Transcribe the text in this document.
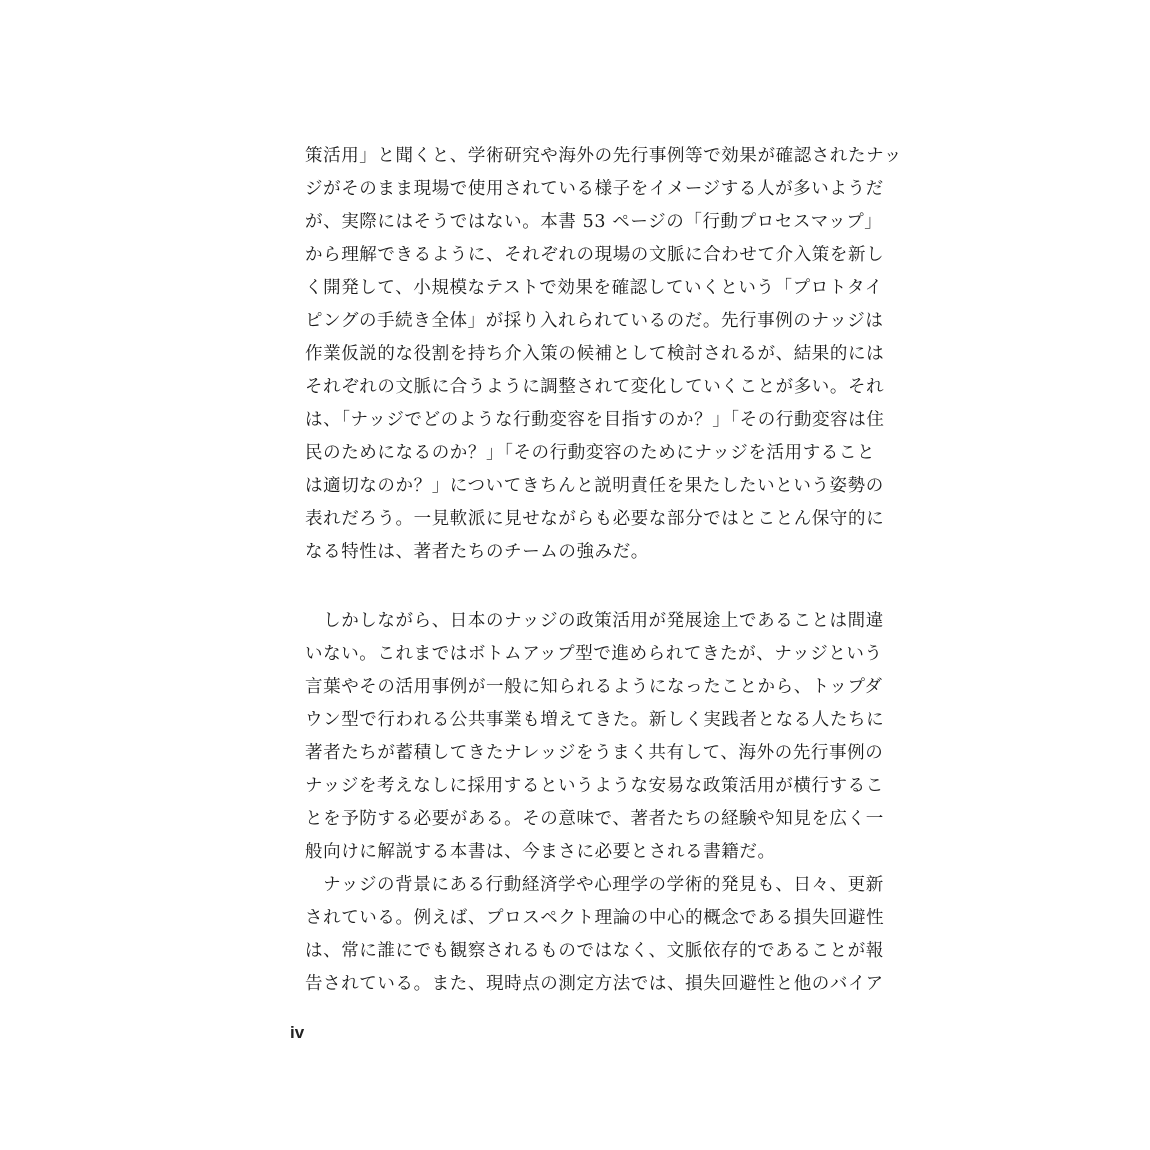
策活用」と聞くと、学術研究や海外の先行事例等で効果が確認されたナッ
ジがそのまま現場で使用されている様子をイメージする人が多いようだ
が、実際にはそうではない。本書 53 ページの「行動プロセスマップ」
から理解できるように、それぞれの現場の文脈に合わせて介入策を新し
く開発して、小規模なテストで効果を確認していくという「プロトタイ
ピングの手続き全体」が採り入れられているのだ。先行事例のナッジは
作業仮説的な役割を持ち介入策の候補として検討されるが、結果的には
それぞれの文脈に合うように調整されて変化していくことが多い。それ
は、「ナッジでどのような行動変容を目指すのか？」「その行動変容は住
民のためになるのか？」「その行動変容のためにナッジを活用すること
は適切なのか？」についてきちんと説明責任を果たしたいという姿勢の
表れだろう。一見軟派に見せながらも必要な部分ではとことん保守的に
なる特性は、著者たちのチームの強みだ。
　しかしながら、日本のナッジの政策活用が発展途上であることは間違
いない。これまではボトムアップ型で進められてきたが、ナッジという
言葉やその活用事例が一般に知られるようになったことから、トップダ
ウン型で行われる公共事業も増えてきた。新しく実践者となる人たちに
著者たちが蓄積してきたナレッジをうまく共有して、海外の先行事例の
ナッジを考えなしに採用するというような安易な政策活用が横行するこ
とを予防する必要がある。その意味で、著者たちの経験や知見を広く一
般向けに解説する本書は、今まさに必要とされる書籍だ。
　ナッジの背景にある行動経済学や心理学の学術的発見も、日々、更新
されている。例えば、プロスペクト理論の中心的概念である損失回避性
は、常に誰にでも観察されるものではなく、文脈依存的であることが報
告されている。また、現時点の測定方法では、損失回避性と他のバイア
iv
